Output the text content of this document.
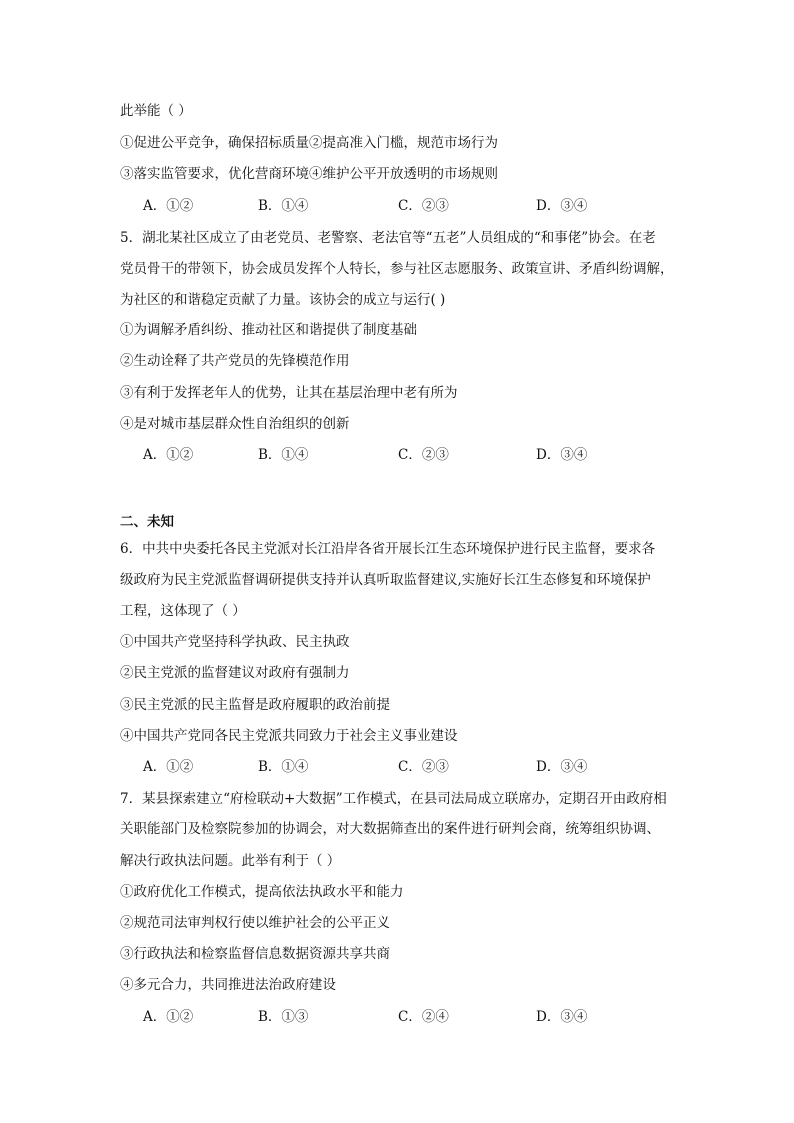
此举能（ ）
①促进公平竞争，确保招标质量②提高准入门槛，规范市场行为
③落实监管要求，优化营商环境④维护公平开放透明的市场规则
A．①②	B．①④	C．②③	D．③④
5．湖北某社区成立了由老党员、老警察、老法官等“五老”人员组成的“和事佬”协会。在老
党员骨干的带领下，协会成员发挥个人特长，参与社区志愿服务、政策宣讲、矛盾纠纷调解，
为社区的和谐稳定贡献了力量。该协会的成立与运行( )
①为调解矛盾纠纷、推动社区和谐提供了制度基础
②生动诠释了共产党员的先锋模范作用
③有利于发挥老年人的优势，让其在基层治理中老有所为
④是对城市基层群众性自治组织的创新
A．①②	B．①④	C．②③	D．③④
二、未知
6．中共中央委托各民主党派对长江沿岸各省开展长江生态环境保护进行民主监督，要求各
级政府为民主党派监督调研提供支持并认真听取监督建议,实施好长江生态修复和环境保护
工程，这体现了（ ）
①中国共产党坚持科学执政、民主执政
②民主党派的监督建议对政府有强制力
③民主党派的民主监督是政府履职的政治前提
④中国共产党同各民主党派共同致力于社会主义事业建设
A．①②	B．①④	C．②③	D．③④
7．某县探索建立“府检联动+大数据”工作模式，在县司法局成立联席办，定期召开由政府相
关职能部门及检察院参加的协调会，对大数据筛查出的案件进行研判会商，统筹组织协调、
解决行政执法问题。此举有利于（ ）
①政府优化工作模式，提高依法执政水平和能力
②规范司法审判权行使以维护社会的公平正义
③行政执法和检察监督信息数据资源共享共商
④多元合力，共同推进法治政府建设
A．①②	B．①③	C．②④	D．③④
